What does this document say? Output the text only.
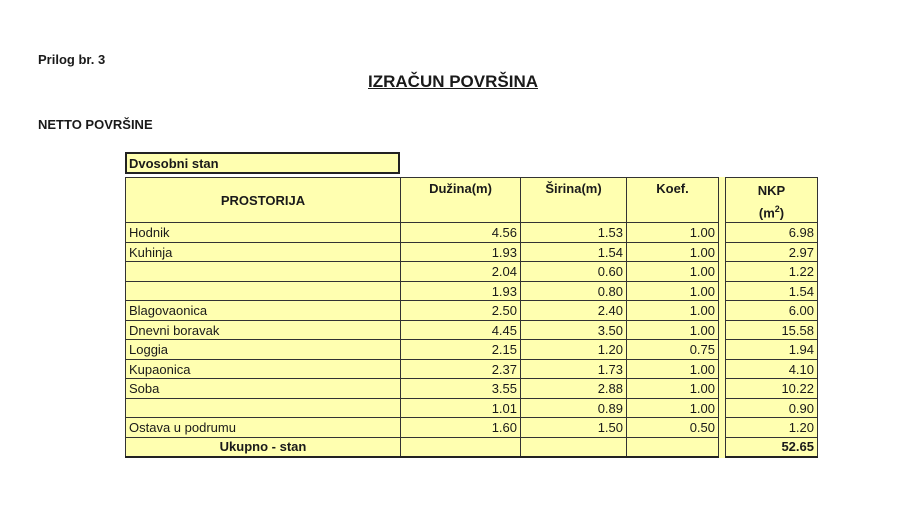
Prilog br. 3
IZRAČUN POVRŠINA
NETTO POVRŠINE
Dvosobni stan
PROSTORIJA	Dužina(m)	Širina(m)	Koef.		NKP
$(m^2)$

Hodnik	4.56	1.53	1.00		6.98
Kuhinja	1.93	1.54	1.00		2.97
	2.04	0.60	1.00		1.22
	1.93	0.80	1.00		1.54
Blagovaonica	2.50	2.40	1.00		6.00
Dnevni boravak	4.45	3.50	1.00		15.58
Loggia	2.15	1.20	0.75		1.94
Kupaonica	2.37	1.73	1.00		4.10
Soba	3.55	2.88	1.00		10.22
	1.01	0.89	1.00		0.90
Ostava u podrumu	1.60	1.50	0.50		1.20
Ukupno - stan					52.65
